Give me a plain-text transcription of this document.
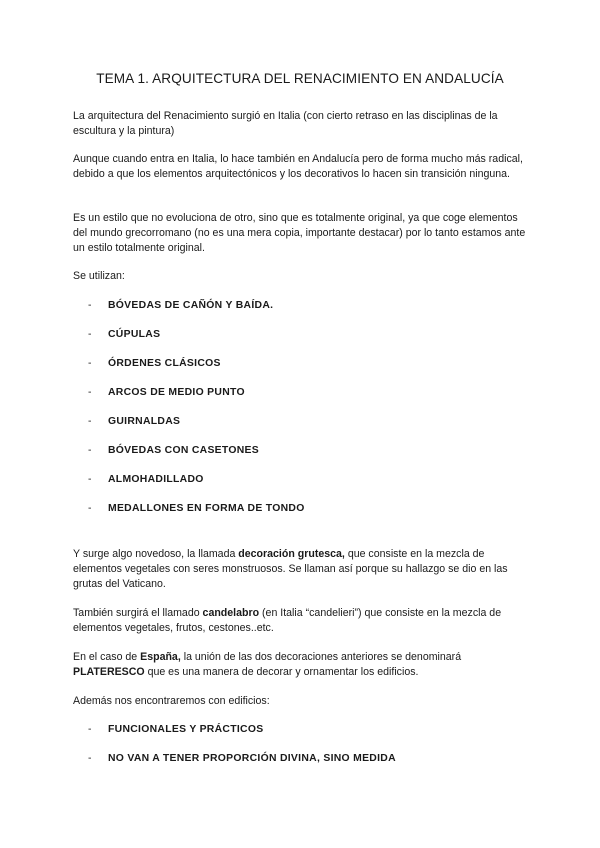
TEMA 1. ARQUITECTURA DEL RENACIMIENTO EN ANDALUCÍA

La arquitectura del Renacimiento surgió en Italia (con cierto retraso en las disciplinas de la escultura y la pintura)

Aunque cuando entra en Italia, lo hace también en Andalucía pero de forma mucho más radical, debido a que los elementos arquitectónicos y los decorativos lo hacen sin transición ninguna.

Es un estilo que no evoluciona de otro, sino que es totalmente original, ya que coge elementos del mundo grecorromano (no es una mera copia, importante destacar) por lo tanto estamos ante un estilo totalmente original.

Se utilizan:

-	BÓVEDAS DE CAÑÓN Y BAÍDA.
-	CÚPULAS
-	ÓRDENES CLÁSICOS
-	ARCOS DE MEDIO PUNTO
-	GUIRNALDAS
-	BÓVEDAS CON CASETONES
-	ALMOHADILLADO
-	MEDALLONES EN FORMA DE TONDO

Y surge algo novedoso, la llamada decoración grutesca, que consiste en la mezcla de elementos vegetales con seres monstruosos. Se llaman así porque su hallazgo se dio en las grutas del Vaticano.

También surgirá el llamado candelabro (en Italia “candelieri”) que consiste en la mezcla de elementos vegetales, frutos, cestones..etc.

En el caso de España, la unión de las dos decoraciones anteriores se denominará PLATERESCO que es una manera de decorar y ornamentar los edificios.

Además nos encontraremos con edificios:

-	FUNCIONALES Y PRÁCTICOS
-	NO VAN A TENER PROPORCIÓN DIVINA, SINO MEDIDA
